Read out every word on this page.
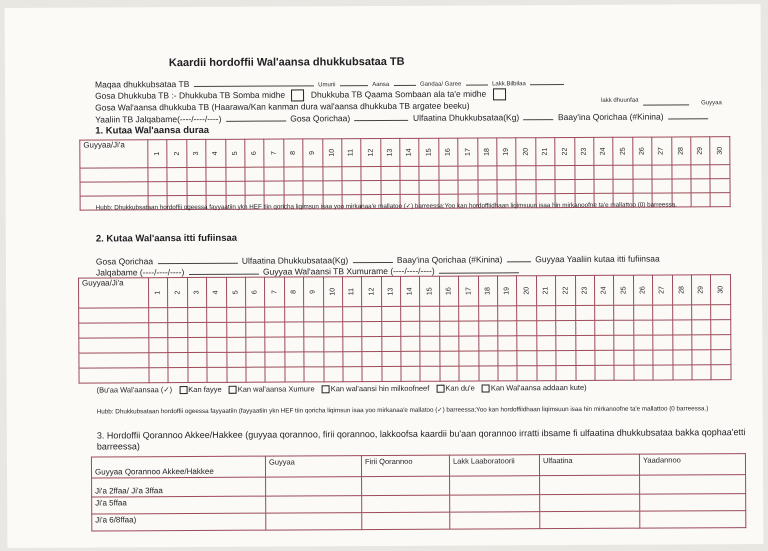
Kaardii hordoffii Wal'aansa dhukkubsataa TB
Maqaa dhukkubsataa TB	Umurii	Aansa	Gandaa/ Garee	Lakk.Bilbilaa
Gosa Dhukkuba TB :- Dhukkuba TB Somba midhe	Dhukkuba TB Qaama Sombaan ala ta'e midhe
Gosa Wal'aansa dhukkuba TB (Haarawa/Kan kanman dura wal'aansa dhukkuba TB argatee beeku)	lakk dhuunfaa	Guyyaa
Yaaliin TB Jalqabame(----/----/----)	Gosa Qorichaa)	Ulfaatina Dhukkubsataa(Kg)	Baay'ina Qorichaa (#Kinina)
1. Kutaa Wal'aansa duraa
Guyyaa/Ji'a	1	2	3	4	5	6	7	8	9	10	11	12	13	14	15	16	17	18	19	20	21	22	23	24	25	26	27	28	29	30

Hubb: Dhukkubsataan hordoffii ogeessa fayyaatiin ykn HEF tiin qoricha liqimsun isaa yoo mirkanaa'e mallatoo (✓) barreessa;Yoo kan hordoffiidhaan liqimsuun isaa hin mirkanoofne ta'e mallattoo (0) barreessa.
2. Kutaa Wal'aansa itti fufiinsaa
Gosa Qorichaa	Ulfaatina Dhukkubsataa(Kg)	Baay'ina Qorichaa (#Kinina)	Guyyaa Yaaliin kutaa itti fufiinsaa
Jalqabame (----/----/----)	Guyyaa Wal'aansi TB Xumurame (----/----/----)
Guyyaa/Ji'a	1	2	3	4	5	6	7	8	9	10	11	12	13	14	15	16	17	18	19	20	21	22	23	24	25	26	27	28	29	30

(Bu'aa Wal'aansaa (✓) Kan fayye Kan wal'aansa Xumure Kan wal'aansi hin milkoofneef Kan du'e Kan Wal'aansa addaan kute)
Hubb: Dhukkubsataan hordoffii ogeessa fayyaatiin (fayyaatiin ykn HEF tiin qoricha liqimsun isaa yoo mirkanaa'e mallatoo (✓) barreessa;Yoo kan hordoffiidhaan liqimsuun isaa hin mirkanoofne ta'e mallattoo (0 barreessa.)
3. Hordoffii Qorannoo Akkee/Hakkee (guyyaa qorannoo, firii qorannoo, lakkoofsa kaardii bu'aan qorannoo irratti ibsame fi ulfaatina dhukkubsataa bakka qophaa'etti barreessa)
Guyyaa Qorannoo Akkee/Hakkee	Guyyaa	Firii Qorannoo	Lakk Laaboratoorii	Ulfaatina	Yaadannoo
Ji'a 2ffaa/ Ji'a 3ffaa					
Ji'a 5ffaa					
Ji'a 6/8ffaa)					
